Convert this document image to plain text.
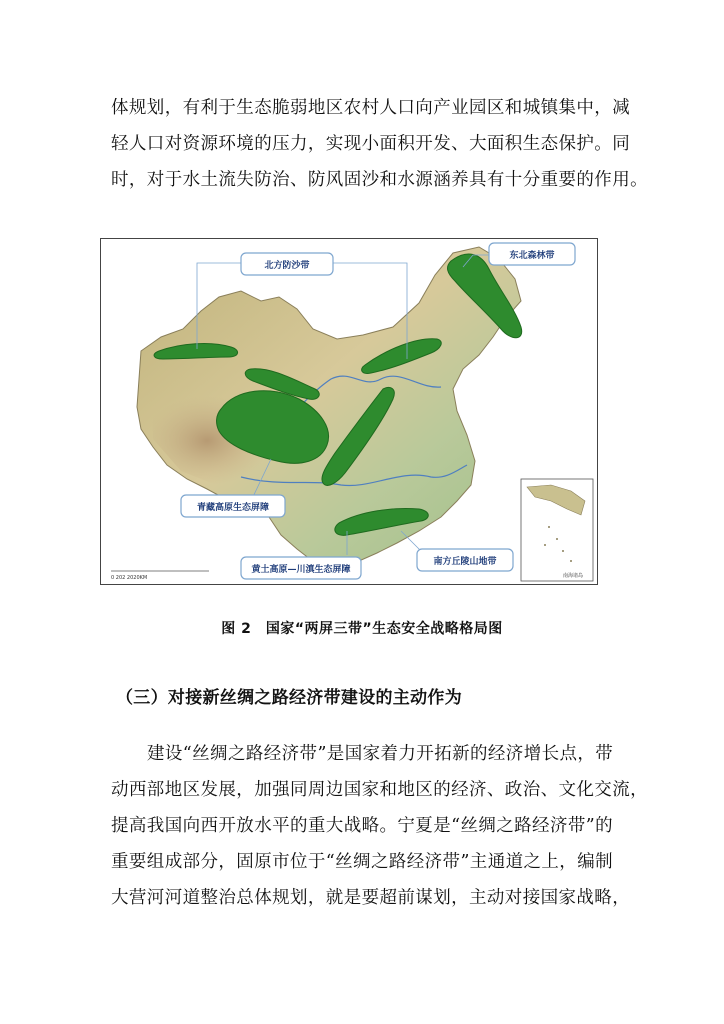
体规划，有利于生态脆弱地区农村人口向产业园区和城镇集中，减
轻人口对资源环境的压力，实现小面积开发、大面积生态保护。同
时，对于水土流失防治、防风固沙和水源涵养具有十分重要的作用。
北方防沙带
东北森林带
青藏高原生态屏障
黄土高原—川滇生态屏障
南方丘陵山地带
南海诸岛
0 202 2020KM
图 2　国家“两屏三带”生态安全战略格局图
（三）对接新丝绸之路经济带建设的主动作为
建设“丝绸之路经济带”是国家着力开拓新的经济增长点，带
动西部地区发展，加强同周边国家和地区的经济、政治、文化交流，
提高我国向西开放水平的重大战略。宁夏是“丝绸之路经济带”的
重要组成部分，固原市位于“丝绸之路经济带”主通道之上，编制
大营河河道整治总体规划，就是要超前谋划，主动对接国家战略，
